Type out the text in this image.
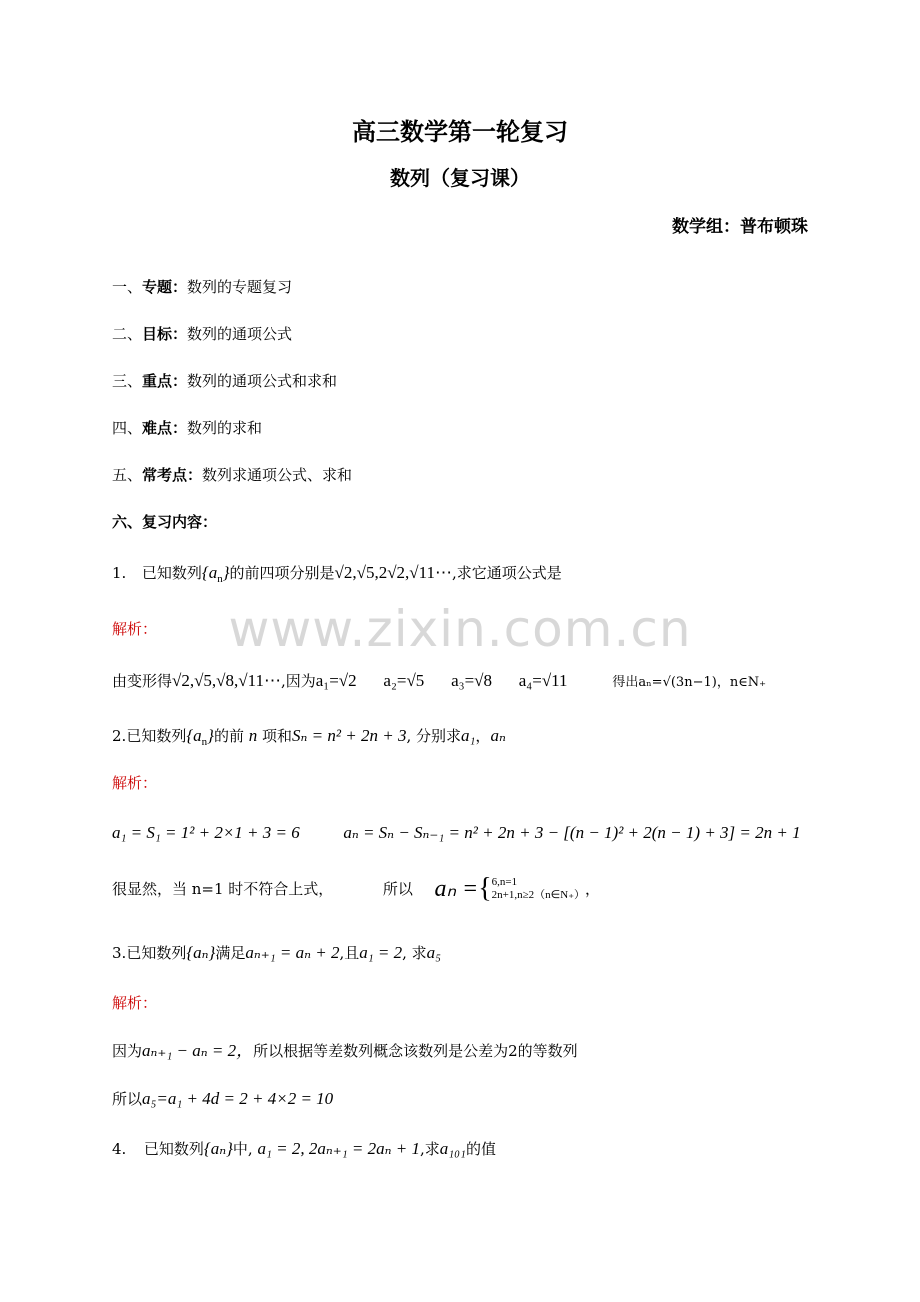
www.zixin.com.cn
高三数学第一轮复习
数列（复习课）
数学组：普布顿珠
一、专题：数列的专题复习
二、目标：数列的通项公式
三、重点：数列的通项公式和求和
四、难点：数列的求和
五、常考点：数列求通项公式、求和
六、复习内容：
1. 已知数列$\{a_n\}$的前四项分别是√2,√5,2√2,√11⋯,求它通项公式是
解析：
由变形得√2,√5,√8,√11⋯,因为a₁=√2 a₂=√5 a₃=√8 a₄=√11	得出aₙ=√(3n−1)，n∈N₊
2.已知数列$\{a_n\}$的前 n 项和Sₙ = n² + 2n + 3, 分别求a₁，aₙ
解析：
a₁ = S₁ = 1² + 2×1 + 3 = 6	aₙ = Sₙ − Sₙ₋₁ = n² + 2n + 3 − [(n − 1)² + 2(n − 1) + 3] = 2n + 1
很显然，当 n=1 时不符合上式，	所以 aₙ ={6,n=1
2n+1,n≥2（n∈N₊），
3.已知数列{aₙ}满足aₙ₊₁ = aₙ + 2,且a₁ = 2, 求a₅
解析：
因为aₙ₊₁ − aₙ = 2，所以根据等差数列概念该数列是公差为2的等数列
所以a₅=a₁ + 4d = 2 + 4×2 = 10
4. 已知数列{aₙ}中, a₁ = 2, 2aₙ₊₁ = 2aₙ + 1,求a₁₀₁的值
